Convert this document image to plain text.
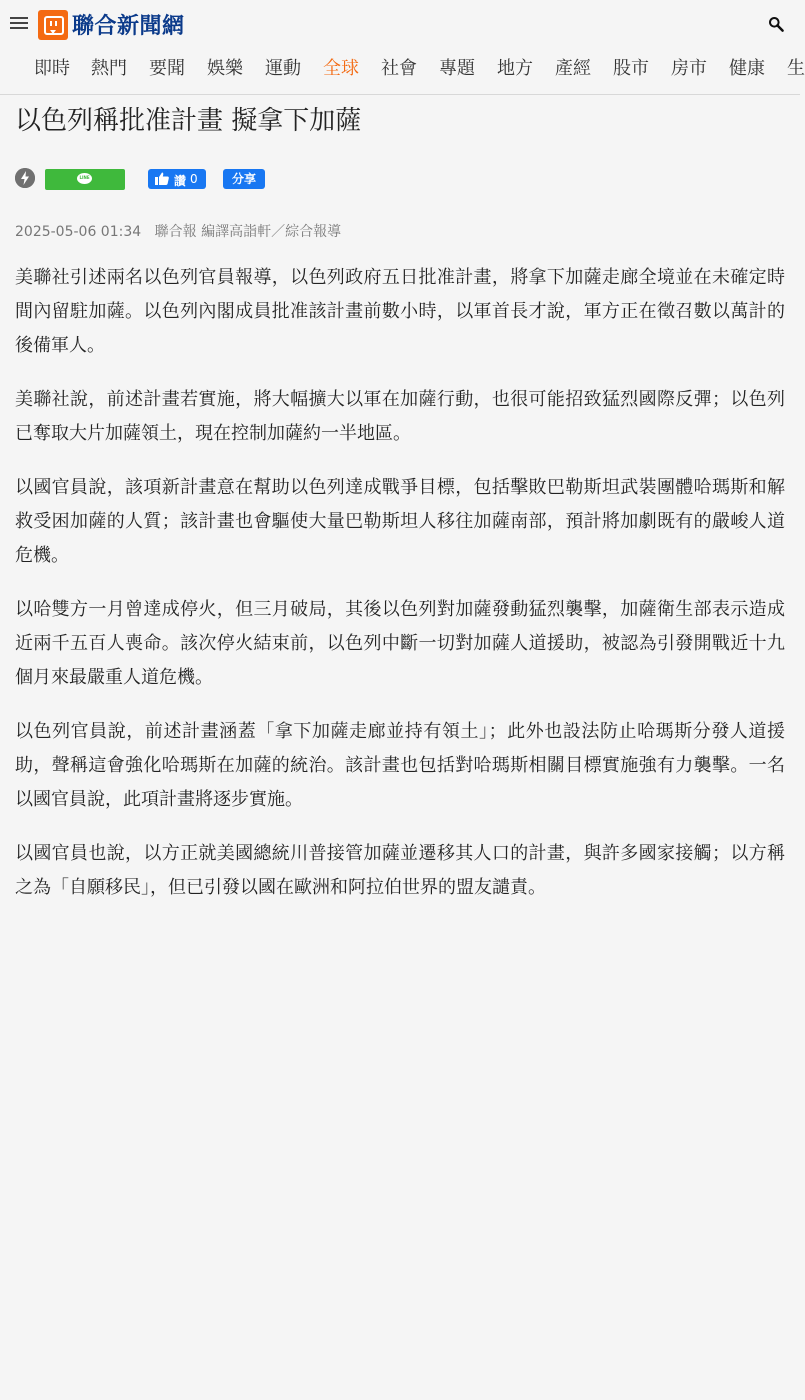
聯合新聞網
即時 熱門 要聞 娛樂 運動 全球 社會 專題 地方 產經 股市 房市 健康 生
以色列稱批准計畫 擬拿下加薩
LINE	讚 0	分享
2025-05-06 01:34 聯合報 編譯高詣軒／綜合報導

美聯社引述兩名以色列官員報導，以色列政府五日批准計畫，將拿下加薩走廊全境並在未確定時間內留駐加薩。以色列內閣成員批准該計畫前數小時，以軍首長才說，軍方正在徵召數以萬計的後備軍人。

美聯社說，前述計畫若實施，將大幅擴大以軍在加薩行動，也很可能招致猛烈國際反彈；以色列已奪取大片加薩領土，現在控制加薩約一半地區。

以國官員說，該項新計畫意在幫助以色列達成戰爭目標，包括擊敗巴勒斯坦武裝團體哈瑪斯和解救受困加薩的人質；該計畫也會驅使大量巴勒斯坦人移往加薩南部，預計將加劇既有的嚴峻人道危機。

以哈雙方一月曾達成停火，但三月破局，其後以色列對加薩發動猛烈襲擊，加薩衛生部表示造成近兩千五百人喪命。該次停火結束前，以色列中斷一切對加薩人道援助，被認為引發開戰近十九個月來最嚴重人道危機。

以色列官員說，前述計畫涵蓋「拿下加薩走廊並持有領土」；此外也設法防止哈瑪斯分發人道援助，聲稱這會強化哈瑪斯在加薩的統治。該計畫也包括對哈瑪斯相關目標實施強有力襲擊。一名以國官員說，此項計畫將逐步實施。

以國官員也說，以方正就美國總統川普接管加薩並遷移其人口的計畫，與許多國家接觸；以方稱之為「自願移民」，但已引發以國在歐洲和阿拉伯世界的盟友譴責。
